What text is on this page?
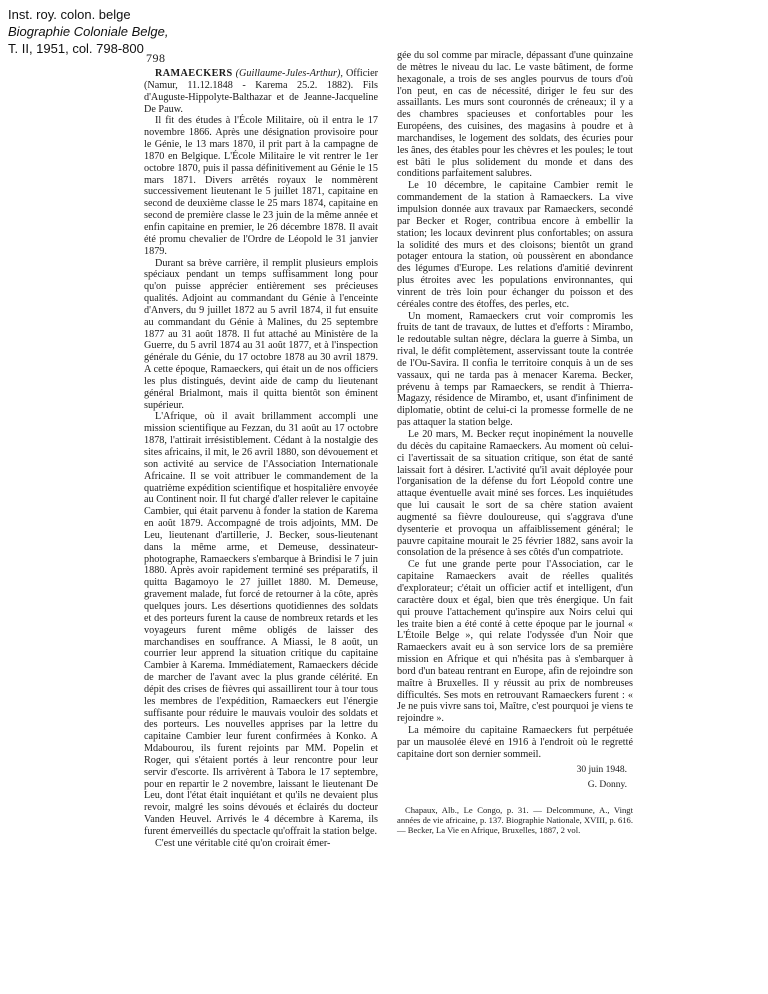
Inst. roy. colon. belge
Biographie Coloniale Belge,
T. II, 1951, col. 798-800
798

RAMAECKERS (Guillaume-Jules-Arthur), Officier (Namur, 11.12.1848 - Karema 25.2. 1882). Fils d'Auguste-Hippolyte-Balthazar et de Jeanne-Jacqueline De Pauw.

Il fit des études à l'École Militaire, où il entra le 17 novembre 1866. Après une désignation provisoire pour le Génie, le 13 mars 1870, il prit part à la campagne de 1870 en Belgique. L'École Militaire le vit rentrer le 1er octobre 1870, puis il passa définitivement au Génie le 15 mars 1871. Divers arrêtés royaux le nommèrent successivement lieutenant le 5 juillet 1871, capitaine en second de deuxième classe le 25 mars 1874, capitaine en second de première classe le 23 juin de la même année et enfin capitaine en premier, le 26 décembre 1878. Il avait été promu chevalier de l'Ordre de Léopold le 31 janvier 1879.

Durant sa brève carrière, il remplit plusieurs emplois spéciaux pendant un temps suffisamment long pour qu'on puisse apprécier entièrement ses précieuses qualités. Adjoint au commandant du Génie à l'enceinte d'Anvers, du 9 juillet 1872 au 5 avril 1874, il fut ensuite au commandant du Génie à Malines, du 25 septembre 1877 au 31 août 1878. Il fut attaché au Ministère de la Guerre, du 5 avril 1874 au 31 août 1877, et à l'inspection générale du Génie, du 17 octobre 1878 au 30 avril 1879. A cette époque, Ramaeckers, qui était un de nos officiers les plus distingués, devint aide de camp du lieutenant général Brialmont, mais il quitta bientôt son éminent supérieur.

L'Afrique, où il avait brillamment accompli une mission scientifique au Fezzan, du 31 août au 17 octobre 1878, l'attirait irrésistiblement. Cédant à la nostalgie des sites africains, il mit, le 26 avril 1880, son dévouement et son activité au service de l'Association Internationale Africaine. Il se voit attribuer le commandement de la quatrième expédition scientifique et hospitalière envoyée au Continent noir. Il fut chargé d'aller relever le capitaine Cambier, qui était parvenu à fonder la station de Karema en août 1879. Accompagné de trois adjoints, MM. De Leu, lieutenant d'artillerie, J. Becker, sous-lieutenant dans la même arme, et Demeuse, dessinateur-photographe, Ramaeckers s'embarque à Brindisi le 7 juin 1880. Après avoir rapidement terminé ses préparatifs, il quitta Bagamoyo le 27 juillet 1880. M. Demeuse, gravement malade, fut forcé de retourner à la côte, après quelques jours. Les désertions quotidiennes des soldats et des porteurs furent la cause de nombreux retards et les voyageurs furent même obligés de laisser des marchandises en souffrance. A Miassi, le 8 août, un courrier leur apprend la situation critique du capitaine Cambier à Karema. Immédiatement, Ramaeckers décide de marcher de l'avant avec la plus grande célérité. En dépit des crises de fièvres qui assaillirent tour à tour tous les membres de l'expédition, Ramaeckers eut l'énergie suffisante pour réduire le mauvais vouloir des soldats et des porteurs. Les nouvelles apprises par la lettre du capitaine Cambier leur furent confirmées à Konko. A Mdabourou, ils furent rejoints par MM. Popelin et Roger, qui s'étaient portés à leur rencontre pour leur servir d'escorte. Ils arrivèrent à Tabora le 17 septembre, pour en repartir le 2 novembre, laissant le lieutenant De Leu, dont l'état était inquiétant et qu'ils ne devaient plus revoir, malgré les soins dévoués et éclairés du docteur Vanden Heuvel. Arrivés le 4 décembre à Karema, ils furent émerveillés du spectacle qu'offrait la station belge.

C'est une véritable cité qu'on croirait émer-

gée du sol comme par miracle, dépassant d'une quinzaine de mètres le niveau du lac. Le vaste bâtiment, de forme hexagonale, a trois de ses angles pourvus de tours d'où l'on peut, en cas de nécessité, diriger le feu sur des assaillants. Les murs sont couronnés de créneaux; il y a des chambres spacieuses et confortables pour les Européens, des cuisines, des magasins à poudre et à marchandises, le logement des soldats, des écuries pour les ânes, des étables pour les chèvres et les poules; le tout est bâti le plus solidement du monde et dans des conditions parfaitement salubres.

Le 10 décembre, le capitaine Cambier remit le commandement de la station à Ramaeckers. La vive impulsion donnée aux travaux par Ramaeckers, secondé par Becker et Roger, contribua encore à embellir la station; les locaux devinrent plus confortables; on assura la solidité des murs et des cloisons; bientôt un grand potager entoura la station, où poussèrent en abondance des légumes d'Europe. Les relations d'amitié devinrent plus étroites avec les populations environnantes, qui vinrent de très loin pour échanger du poisson et des céréales contre des étoffes, des perles, etc.

Un moment, Ramaeckers crut voir compromis les fruits de tant de travaux, de luttes et d'efforts : Mirambo, le redoutable sultan nègre, déclara la guerre à Simba, un rival, le défit complètement, asservissant toute la contrée de l'Ou-Savira. Il confia le territoire conquis à un de ses vassaux, qui ne tarda pas à menacer Karema. Becker, prévenu à temps par Ramaeckers, se rendit à Thierra-Magazy, résidence de Mirambo, et, usant d'infiniment de diplomatie, obtint de celui-ci la promesse formelle de ne pas attaquer la station belge.

Le 20 mars, M. Becker reçut inopinément la nouvelle du décès du capitaine Ramaeckers. Au moment où celui-ci l'avertissait de sa situation critique, son état de santé laissait fort à désirer. L'activité qu'il avait déployée pour l'organisation de la défense du fort Léopold contre une attaque éventuelle avait miné ses forces. Les inquiétudes que lui causait le sort de sa chère station avaient augmenté sa fièvre douloureuse, qui s'aggrava d'une dysenterie et provoqua un affaiblissement général; le pauvre capitaine mourait le 25 février 1882, sans avoir la consolation de la présence à ses côtés d'un compatriote.

Ce fut une grande perte pour l'Association, car le capitaine Ramaeckers avait de réelles qualités d'explorateur; c'était un officier actif et intelligent, d'un caractère doux et égal, bien que très énergique. Un fait qui prouve l'attachement qu'inspire aux Noirs celui qui les traite bien a été conté à cette époque par le journal « L'Étoile Belge », qui relate l'odyssée d'un Noir que Ramaeckers avait eu à son service lors de sa première mission en Afrique et qui n'hésita pas à s'embarquer à bord d'un bateau rentrant en Europe, afin de rejoindre son maître à Bruxelles. Il y réussit au prix de nombreuses difficultés. Ses mots en retrouvant Ramaeckers furent : « Je ne puis vivre sans toi, Maître, c'est pourquoi je viens te rejoindre ».

La mémoire du capitaine Ramaeckers fut perpétuée par un mausolée élevé en 1916 à l'endroit où le regretté capitaine dort son dernier sommeil.

30 juin 1948.
G. Donny.

Chapaux, Alb., Le Congo, p. 31. — Delcommune, A., Vingt années de vie africaine, p. 137. Biographie Nationale, XVIII, p. 616. — Becker, La Vie en Afrique, Bruxelles, 1887, 2 vol.
